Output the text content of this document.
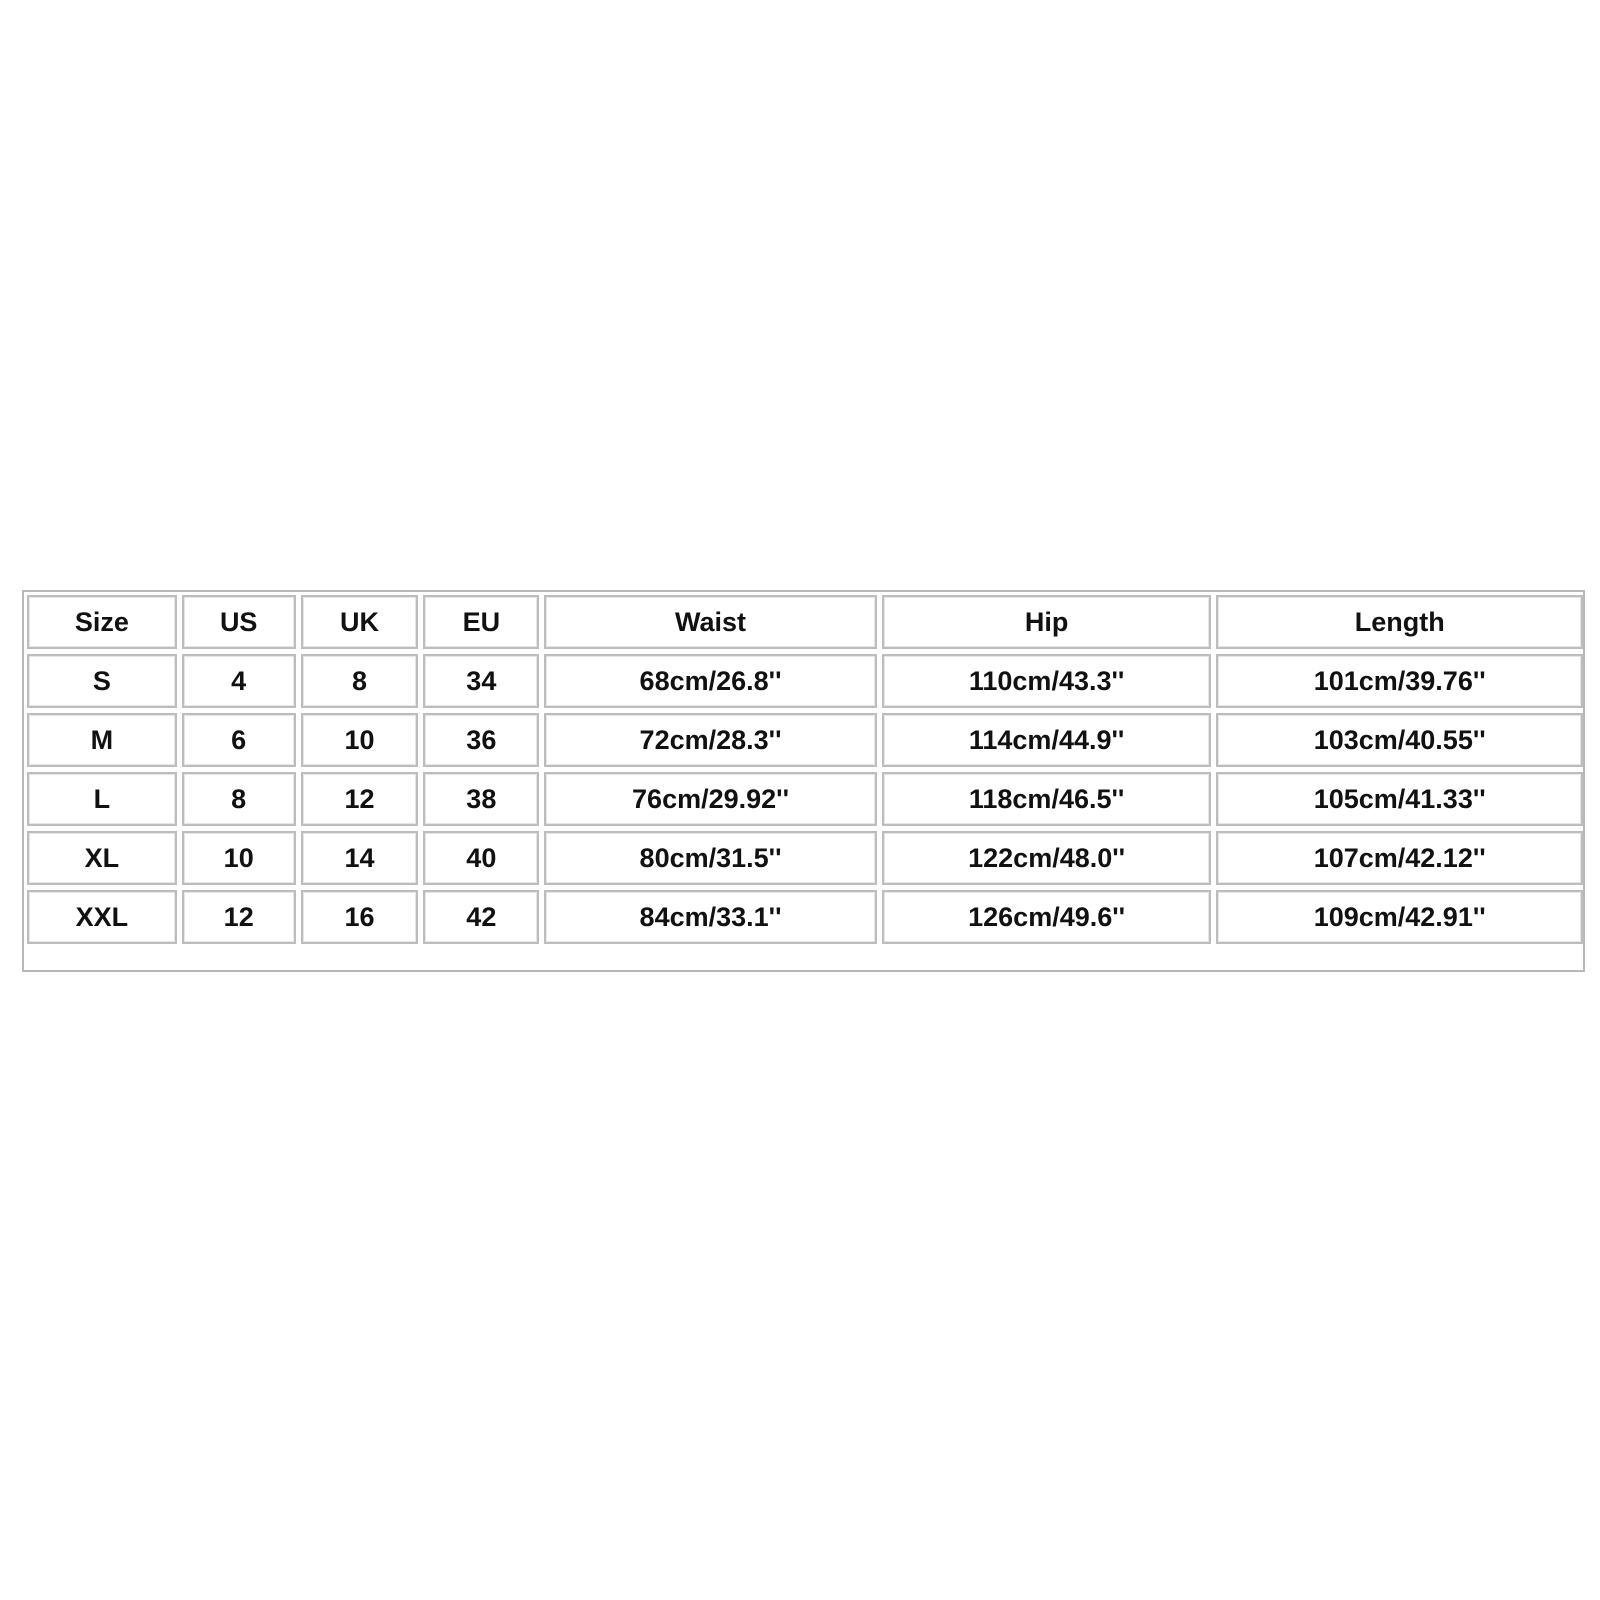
Size	US	UK	EU	Waist	Hip	Length
S	4	8	34	68cm/26.8''	110cm/43.3''	101cm/39.76''
M	6	10	36	72cm/28.3''	114cm/44.9''	103cm/40.55''
L	8	12	38	76cm/29.92''	118cm/46.5''	105cm/41.33''
XL	10	14	40	80cm/31.5''	122cm/48.0''	107cm/42.12''
XXL	12	16	42	84cm/33.1''	126cm/49.6''	109cm/42.91''
